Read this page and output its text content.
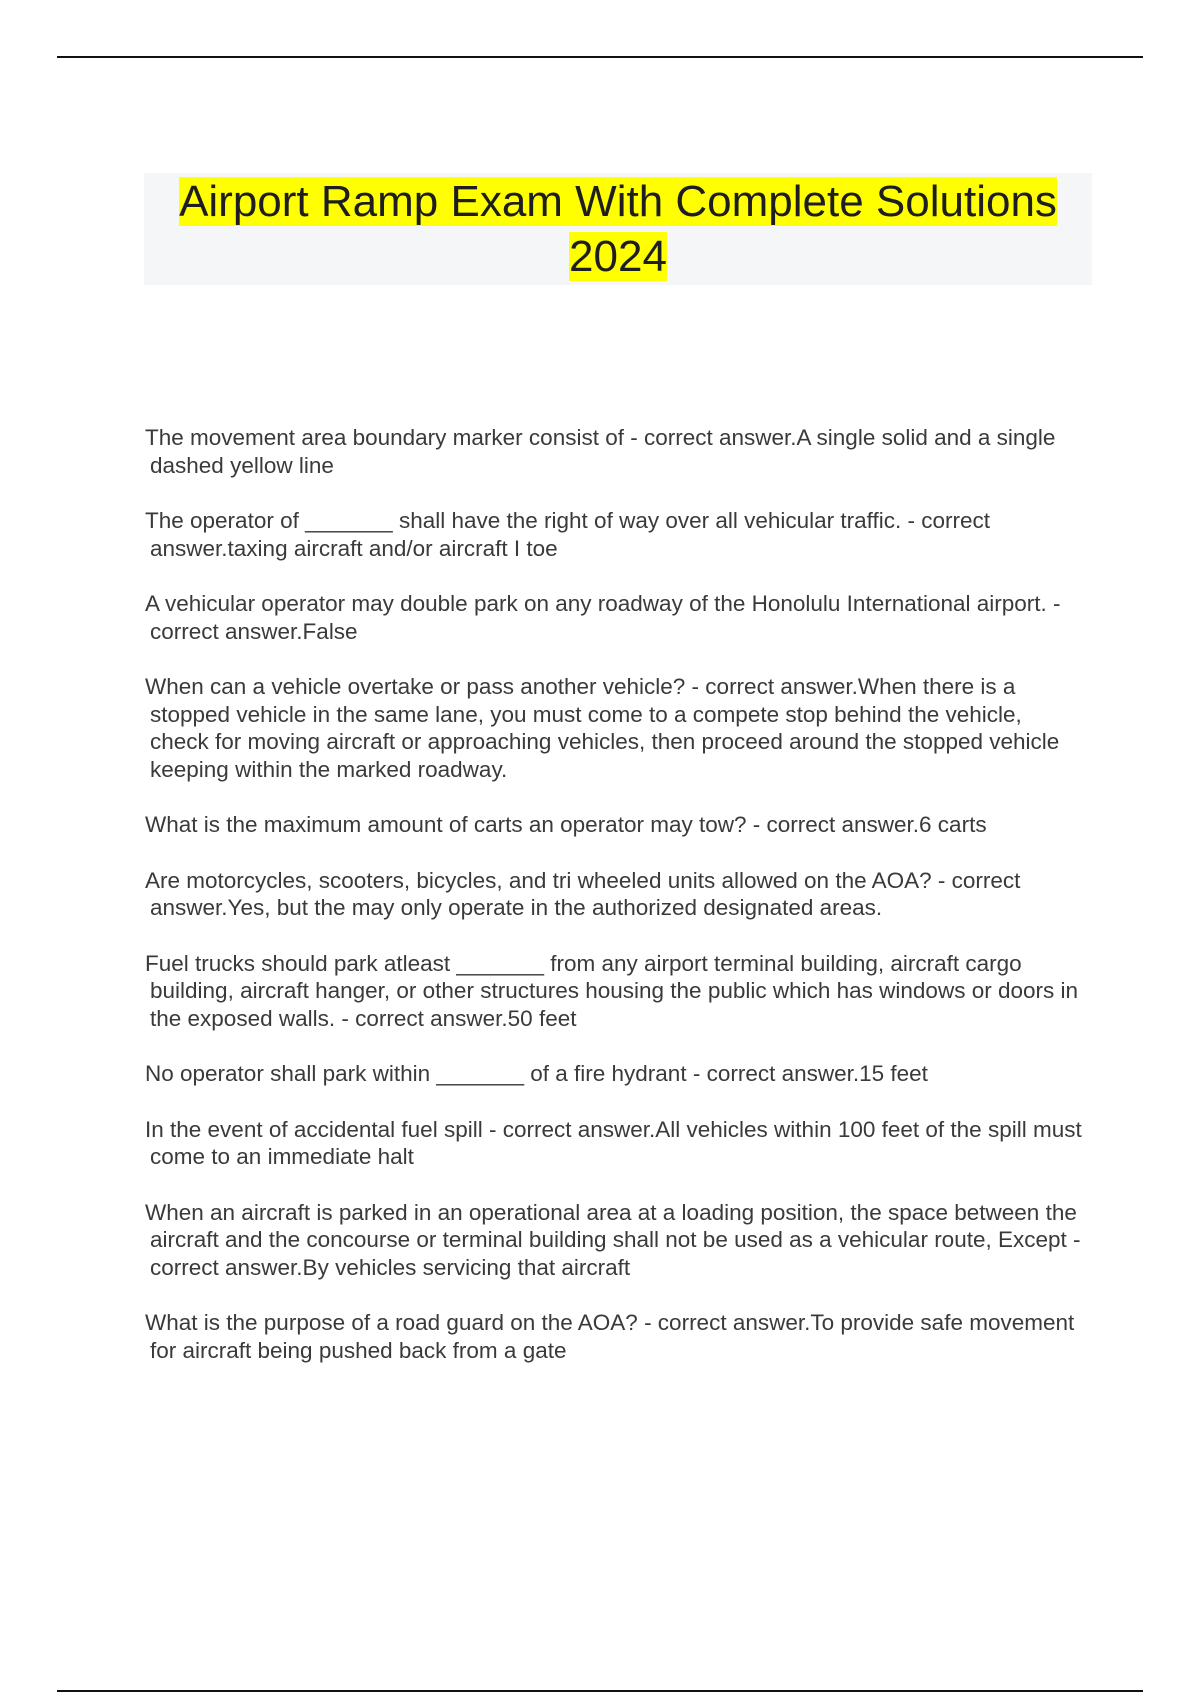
Airport Ramp Exam With Complete Solutions 2024
The movement area boundary marker consist of - correct answer.A single solid and a single dashed yellow line
The operator of _______ shall have the right of way over all vehicular traffic. - correct answer.taxing aircraft and/or aircraft I toe
A vehicular operator may double park on any roadway of the Honolulu International airport. - correct answer.False
When can a vehicle overtake or pass another vehicle? - correct answer.When there is a stopped vehicle in the same lane, you must come to a compete stop behind the vehicle, check for moving aircraft or approaching vehicles, then proceed around the stopped vehicle keeping within the marked roadway.
What is the maximum amount of carts an operator may tow? - correct answer.6 carts
Are motorcycles, scooters, bicycles, and tri wheeled units allowed on the AOA? - correct answer.Yes, but the may only operate in the authorized designated areas.
Fuel trucks should park atleast _______ from any airport terminal building, aircraft cargo building, aircraft hanger, or other structures housing the public which has windows or doors in the exposed walls. - correct answer.50 feet
No operator shall park within _______ of a fire hydrant - correct answer.15 feet
In the event of accidental fuel spill - correct answer.All vehicles within 100 feet of the spill must come to an immediate halt
When an aircraft is parked in an operational area at a loading position, the space between the aircraft and the concourse or terminal building shall not be used as a vehicular route, Except - correct answer.By vehicles servicing that aircraft
What is the purpose of a road guard on the AOA? - correct answer.To provide safe movement for aircraft being pushed back from a gate
